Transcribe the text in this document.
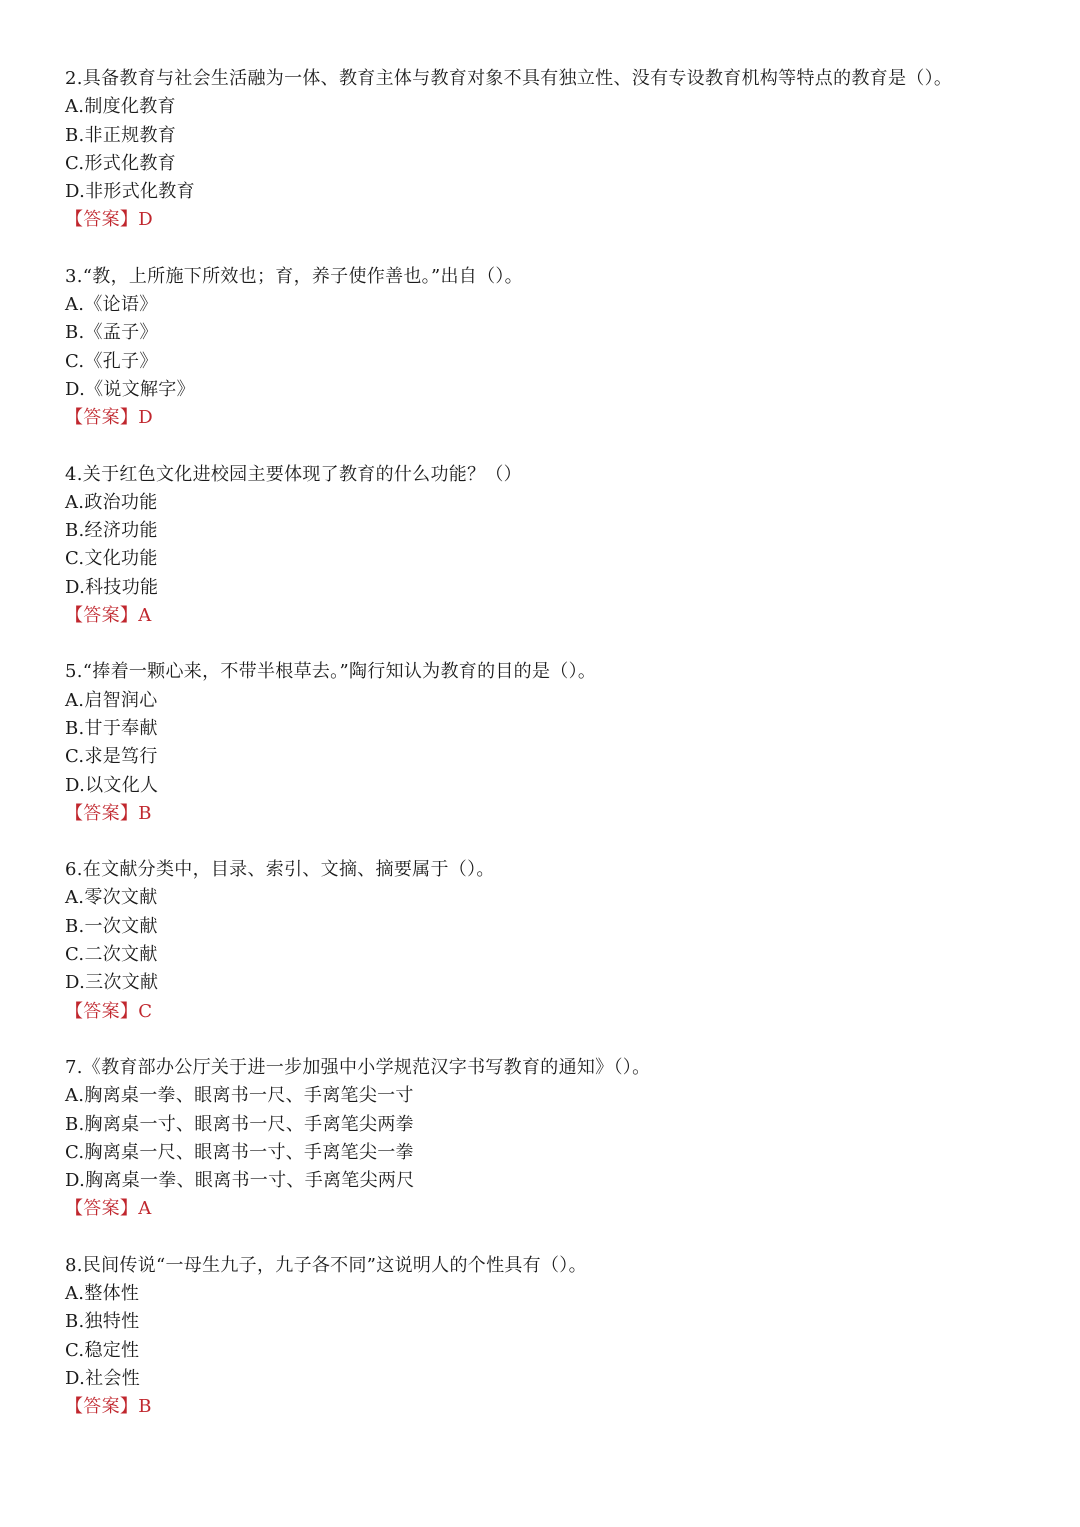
2.具备教育与社会生活融为一体、教育主体与教育对象不具有独立性、没有专设教育机构等特点的教育是（）。
A.制度化教育
B.非正规教育
C.形式化教育
D.非形式化教育
【答案】D
3.“教，上所施下所效也；育，养子使作善也。”出自（）。
A.《论语》
B.《孟子》
C.《孔子》
D.《说文解字》
【答案】D
4.关于红色文化进校园主要体现了教育的什么功能？（）
A.政治功能
B.经济功能
C.文化功能
D.科技功能
【答案】A
5.“捧着一颗心来，不带半根草去。”陶行知认为教育的目的是（）。
A.启智润心
B.甘于奉献
C.求是笃行
D.以文化人
【答案】B
6.在文献分类中，目录、索引、文摘、摘要属于（）。
A.零次文献
B.一次文献
C.二次文献
D.三次文献
【答案】C
7.《教育部办公厅关于进一步加强中小学规范汉字书写教育的通知》（）。
A.胸离桌一拳、眼离书一尺、手离笔尖一寸
B.胸离桌一寸、眼离书一尺、手离笔尖两拳
C.胸离桌一尺、眼离书一寸、手离笔尖一拳
D.胸离桌一拳、眼离书一寸、手离笔尖两尺
【答案】A
8.民间传说“一母生九子，九子各不同”这说明人的个性具有（）。
A.整体性
B.独特性
C.稳定性
D.社会性
【答案】B
